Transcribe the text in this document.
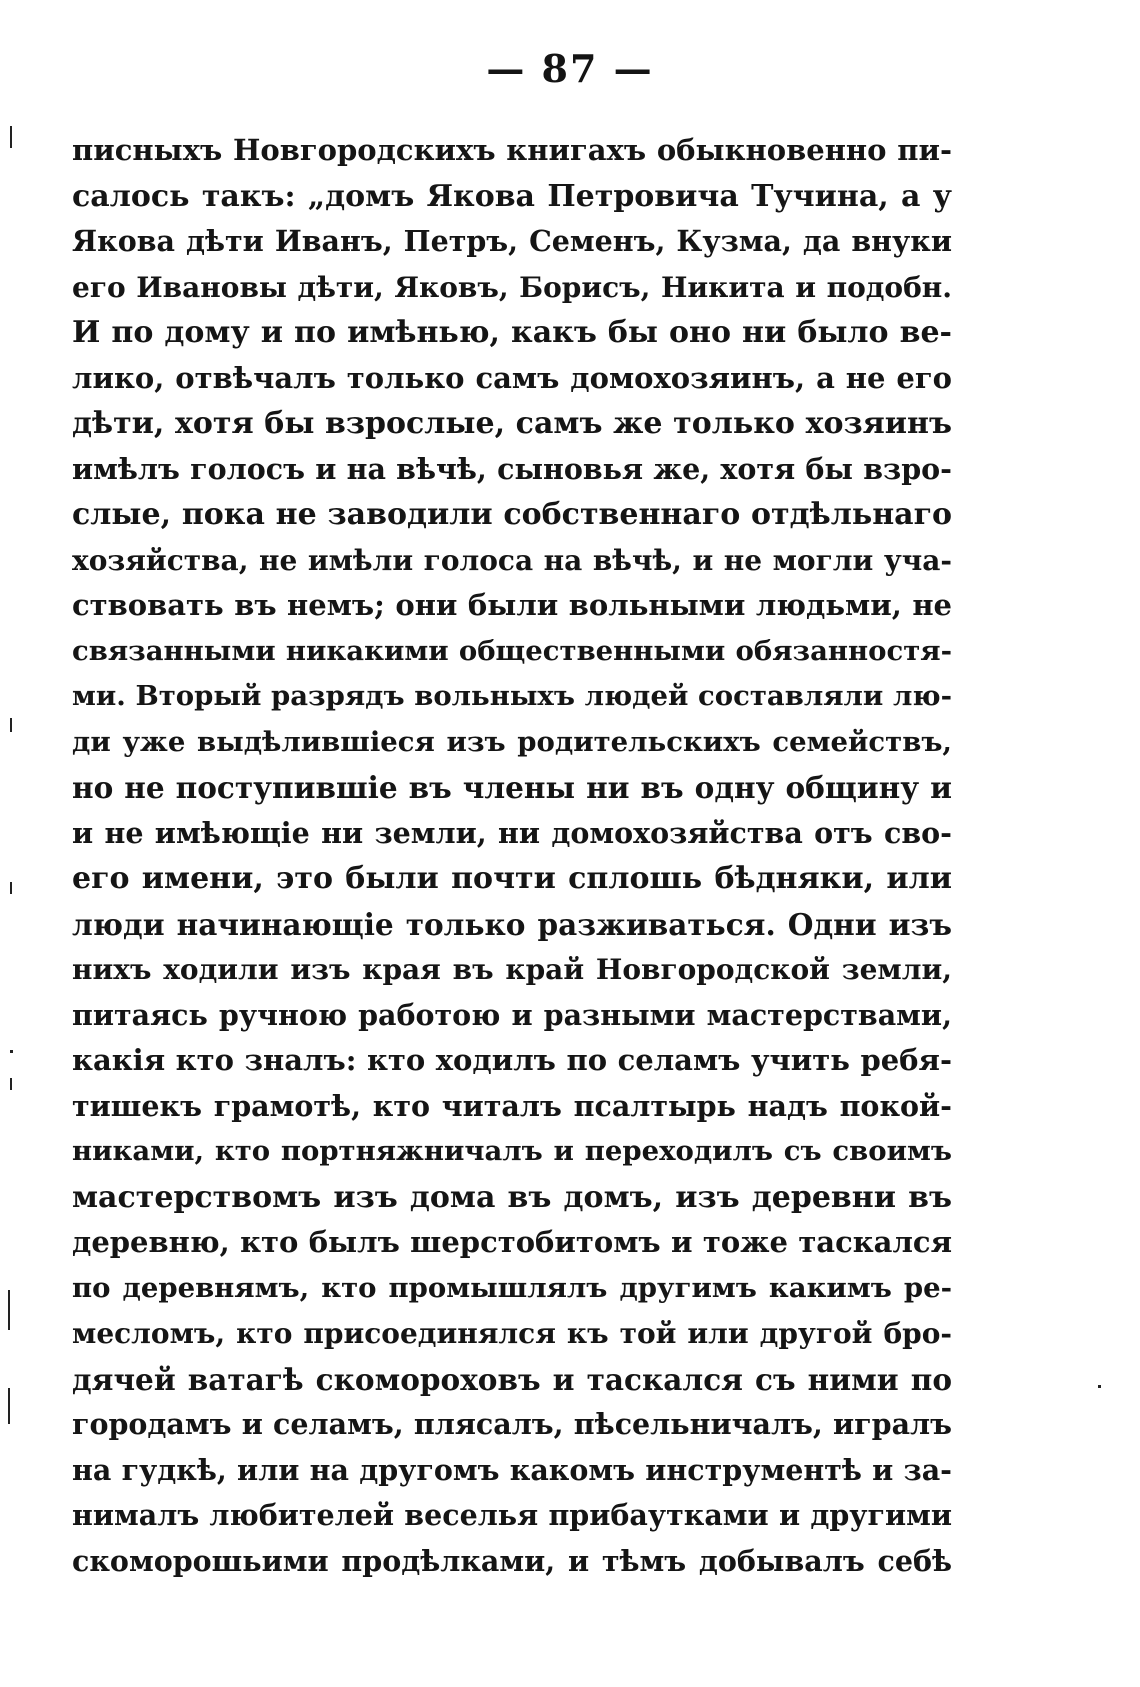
— 87 —
писныхъ Новгородскихъ книгахъ обыкновенно пи-
салось такъ: „домъ Якова Петровича Тучина, а у
Якова дѣти Иванъ, Петръ, Семенъ, Кузма, да внуки
его Ивановы дѣти, Яковъ, Борисъ, Никита и подобн.
И по дому и по имѣнью, какъ бы оно ни было ве-
лико, отвѣчалъ только самъ домохозяинъ, а не его
дѣти, хотя бы взрослые, самъ же только хозяинъ
имѣлъ голосъ и на вѣчѣ, сыновья же, хотя бы взро-
слые, пока не заводили собственнаго отдѣльнаго
хозяйства, не имѣли голоса на вѣчѣ, и не могли уча-
ствовать въ немъ; они были вольными людьми, не
связанными никакими общественными обязанностя-
ми. Вторый разрядъ вольныхъ людей составляли лю-
ди уже выдѣлившіеся изъ родительскихъ семействъ,
но не поступившіе въ члены ни въ одну общину и
и не имѣющіе ни земли, ни домохозяйства отъ сво-
его имени, это были почти сплошь бѣдняки, или
люди начинающіе только разживаться. Одни изъ
нихъ ходили изъ края въ край Новгородской земли,
питаясь ручною работою и разными мастерствами,
какія кто зналъ: кто ходилъ по селамъ учить ребя-
тишекъ грамотѣ, кто читалъ псалтырь надъ покой-
никами, кто портняжничалъ и переходилъ съ своимъ
мастерствомъ изъ дома въ домъ, изъ деревни въ
деревню, кто былъ шерстобитомъ и тоже таскался
по деревнямъ, кто промышлялъ другимъ какимъ ре-
месломъ, кто присоединялся къ той или другой бро-
дячей ватагѣ скомороховъ и таскался съ ними по
городамъ и селамъ, плясалъ, пѣсельничалъ, игралъ
на гудкѣ, или на другомъ какомъ инструментѣ и за-
нималъ любителей веселья прибаутками и другими
скоморошьими продѣлками, и тѣмъ добывалъ себѣ
